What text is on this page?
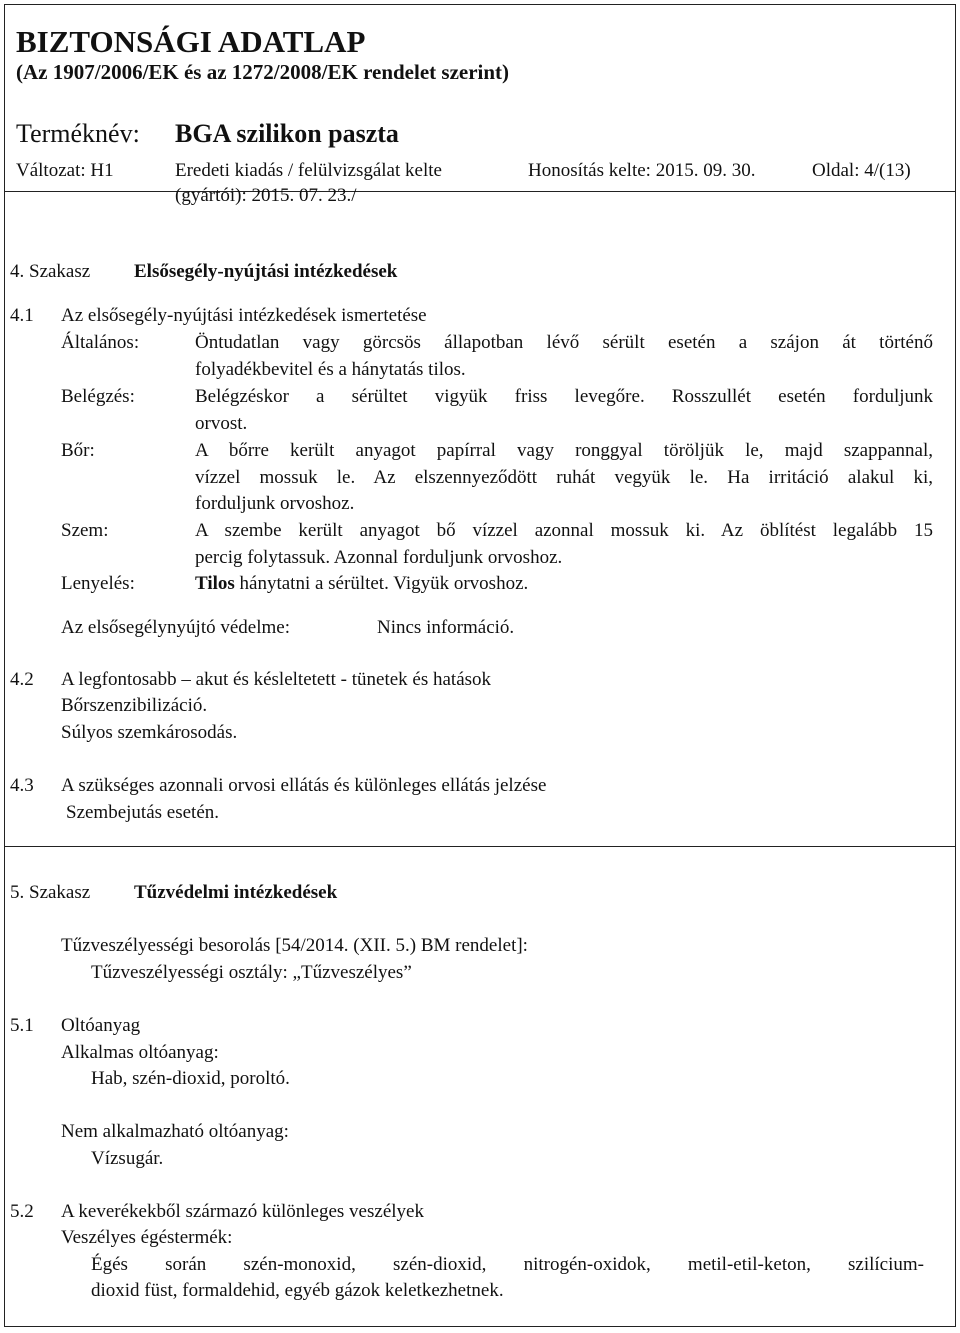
BIZTONSÁGI ADATLAP
(Az 1907/2006/EK és az 1272/2008/EK rendelet szerint)
Terméknév: BGA szilikon paszta
Változat: H1	Eredeti kiadás / felülvizsgálat kelte
(gyártói): 2015. 07. 23./
Honosítás kelte: 2015. 09. 30.	Oldal: 4/(13)
4. Szakasz Elsősegély-nyújtási intézkedések
4.1 Az elsősegély-nyújtási intézkedések ismertetése
Általános:	Öntudatlan vagy görcsös állapotban lévő sérült esetén a szájon át történő
folyadékbevitel és a hánytatás tilos.
Belégzés:	Belégzéskor a sérültet vigyük friss levegőre. Rosszullét esetén forduljunk
orvost.
Bőr:	A bőrre került anyagot papírral vagy ronggyal töröljük le, majd szappannal,
vízzel mossuk le. Az elszennyeződött ruhát vegyük le. Ha irritáció alakul ki,
forduljunk orvoshoz.
Szem:	A szembe került anyagot bő vízzel azonnal mossuk ki. Az öblítést legalább 15
percig folytassuk. Azonnal forduljunk orvoshoz.
Lenyelés:	Tilos hánytatni a sérültet. Vigyük orvoshoz.
Az elsősegélynyújtó védelme:	Nincs információ.
4.2 A legfontosabb – akut és késleltetett - tünetek és hatások
Bőrszenzibilizáció.
Súlyos szemkárosodás.
4.3 A szükséges azonnali orvosi ellátás és különleges ellátás jelzése
Szembejutás esetén.
5. Szakasz Tűzvédelmi intézkedések
Tűzveszélyességi besorolás [54/2014. (XII. 5.) BM rendelet]:
Tűzveszélyességi osztály: „Tűzveszélyes”
5.1 Oltóanyag
Alkalmas oltóanyag:
Hab, szén-dioxid, poroltó.
Nem alkalmazható oltóanyag:
Vízsugár.
5.2 A keverékekből származó különleges veszélyek
Veszélyes égéstermék:
Égés során szén-monoxid, szén-dioxid, nitrogén-oxidok, metil-etil-keton, szilícium-
dioxid füst, formaldehid, egyéb gázok keletkezhetnek.
